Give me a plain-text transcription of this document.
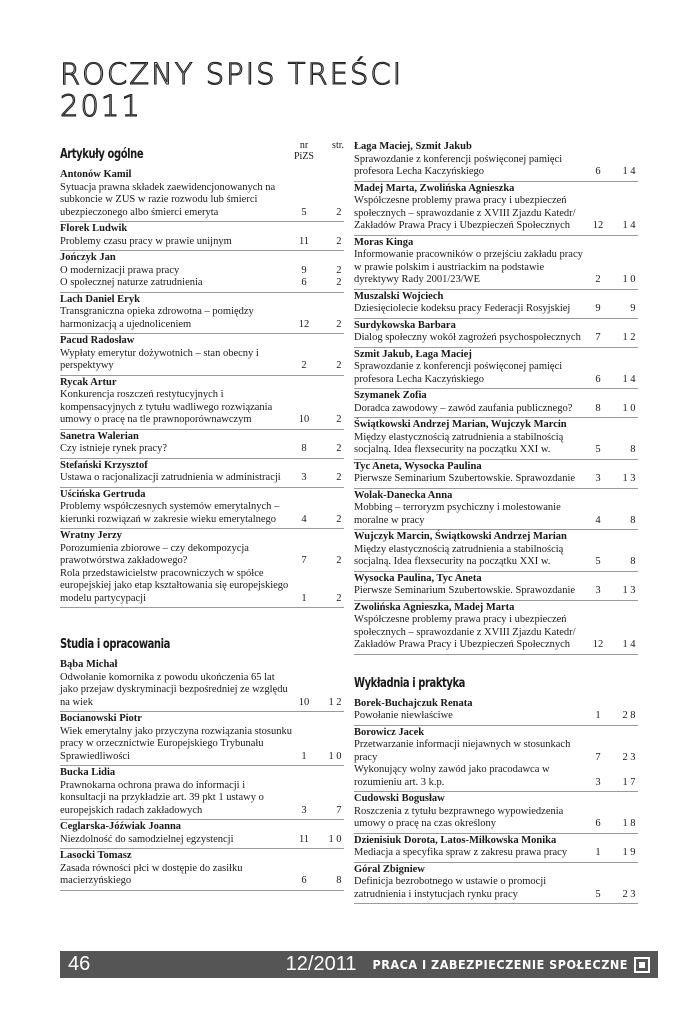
ROCZNY SPIS TREŚCI
2011
Artykuły ogólne
nr PiZS
str.
Antonów Kamil
Sytuacja prawna składek zaewidencjonowanych na subkoncie w ZUS w razie rozwodu lub śmierci ubezpieczonego albo śmierci emeryta	5	2
Florek Ludwik
Problemy czasu pracy w prawie unijnym	11	2
Jończyk Jan
O modernizacji prawa pracy	9	2
O społecznej naturze zatrudnienia	6	2
Lach Daniel Eryk
Transgraniczna opieka zdrowotna – pomiędzy harmonizacją a ujednoliceniem	12	2
Pacud Radosław
Wypłaty emerytur dożywotnich – stan obecny i perspektywy	2	2
Rycak Artur
Konkurencja roszczeń restytucyjnych i kompensacyjnych z tytułu wadliwego rozwiązania umowy o pracę na tle prawnoporównawczym	10	2
Sanetra Walerian
Czy istnieje rynek pracy?	8	2
Stefański Krzysztof
Ustawa o racjonalizacji zatrudnienia w administracji	3	2
Uścińska Gertruda
Problemy współczesnych systemów emerytalnych – kierunki rozwiązań w zakresie wieku emerytalnego	4	2
Wratny Jerzy
Porozumienia zbiorowe – czy dekompozycja prawotwórstwa zakładowego?	7	2
Rola przedstawicielstw pracowniczych w spółce europejskiej jako etap kształtowania się europejskiego modelu partycypacji	1	2
Studia i opracowania
Bąba Michał
Odwołanie komornika z powodu ukończenia 65 lat jako przejaw dyskryminacji bezpośredniej ze względu na wiek	10	12
Bocianowski Piotr
Wiek emerytalny jako przyczyna rozwiązania stosunku pracy w orzecznictwie Europejskiego Trybunału Sprawiedliwości	1	10
Bucka Lidia
Prawnokarna ochrona prawa do informacji i konsultacji na przykładzie art. 39 pkt 1 ustawy o europejskich radach zakładowych	3	7
Ceglarska-Jóźwiak Joanna
Niezdolność do samodzielnej egzystencji	11	10
Lasocki Tomasz
Zasada równości płci w dostępie do zasiłku macierzyńskiego	6	8
Łaga Maciej, Szmit Jakub
Sprawozdanie z konferencji poświęconej pamięci profesora Lecha Kaczyńskiego	6	14
Madej Marta, Zwolińska Agnieszka
Współczesne problemy prawa pracy i ubezpieczeń społecznych – sprawozdanie z XVIII Zjazdu Katedr/ Zakładów Prawa Pracy i Ubezpieczeń Społecznych	12	14
Moras Kinga
Informowanie pracowników o przejściu zakładu pracy w prawie polskim i austriackim na podstawie dyrektywy Rady 2001/23/WE	2	10
Muszalski Wojciech
Dziesięciolecie kodeksu pracy Federacji Rosyjskiej	9	9
Surdykowska Barbara
Dialog społeczny wokół zagrożeń psychospołecznych	7	12
Szmit Jakub, Łaga Maciej
Sprawozdanie z konferencji poświęconej pamięci profesora Lecha Kaczyńskiego	6	14
Szymanek Zofia
Doradca zawodowy – zawód zaufania publicznego?	8	10
Świątkowski Andrzej Marian, Wujczyk Marcin
Między elastycznością zatrudnienia a stabilnością socjalną. Idea flexsecurity na początku XXI w.	5	8
Tyc Aneta, Wysocka Paulina
Pierwsze Seminarium Szubertowskie. Sprawozdanie	3	13
Wolak-Danecka Anna
Mobbing – terroryzm psychiczny i molestowanie moralne w pracy	4	8
Wujczyk Marcin, Świątkowski Andrzej Marian
Między elastycznością zatrudnienia a stabilnością socjalną. Idea flexsecurity na początku XXI w.	5	8
Wysocka Paulina, Tyc Aneta
Pierwsze Seminarium Szubertowskie. Sprawozdanie	3	13
Zwolińska Agnieszka, Madej Marta
Współczesne problemy prawa pracy i ubezpieczeń społecznych – sprawozdanie z XVIII Zjazdu Katedr/ Zakładów Prawa Pracy i Ubezpieczeń Społecznych	12	14
Wykładnia i praktyka
Borek-Buchajczuk Renata
Powołanie niewłaściwe	1	28
Borowicz Jacek
Przetwarzanie informacji niejawnych w stosunkach pracy	7	23
Wykonujący wolny zawód jako pracodawca w rozumieniu art. 3 k.p.	3	17
Cudowski Bogusław
Roszczenia z tytułu bezprawnego wypowiedzenia umowy o pracę na czas określony	6	18
Dzienisiuk Dorota, Latos-Miłkowska Monika
Mediacja a specyfika spraw z zakresu prawa pracy	1	19
Góral Zbigniew
Definicja bezrobotnego w ustawie o promocji zatrudnienia i instytucjach rynku pracy	5	23
46	12/2011 PRACA I ZABEZPIECZENIE SPOŁECZNE
